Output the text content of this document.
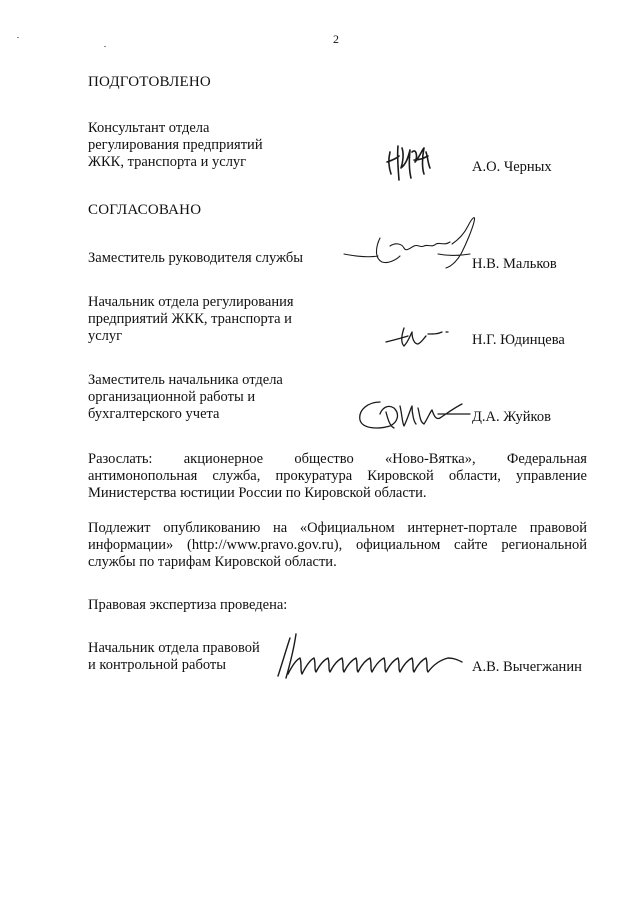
2
ПОДГОТОВЛЕНО
Консультант отдела
регулирования предприятий
ЖКК, транспорта и услуг	А.О. Черных
СОГЛАСОВАНО
Заместитель руководителя службы	Н.В. Мальков
Начальник отдела регулирования
предприятий ЖКК, транспорта и
услуг	Н.Г. Юдинцева
Заместитель начальника отдела
организационной работы и
бухгалтерского учета	Д.А. Жуйков
Разослать: акционерное общество «Ново-Вятка», Федеральная
антимонопольная служба, прокуратура Кировской области, управление Министерства юстиции России по Кировской области.
Подлежит опубликованию на «Официальном интернет-портале правовой информации» (http://www.pravo.gov.ru), официальном сайте региональной службы по тарифам Кировской области.
Правовая экспертиза проведена:
Начальник отдела правовой
и контрольной работы	А.В. Вычегжанин
